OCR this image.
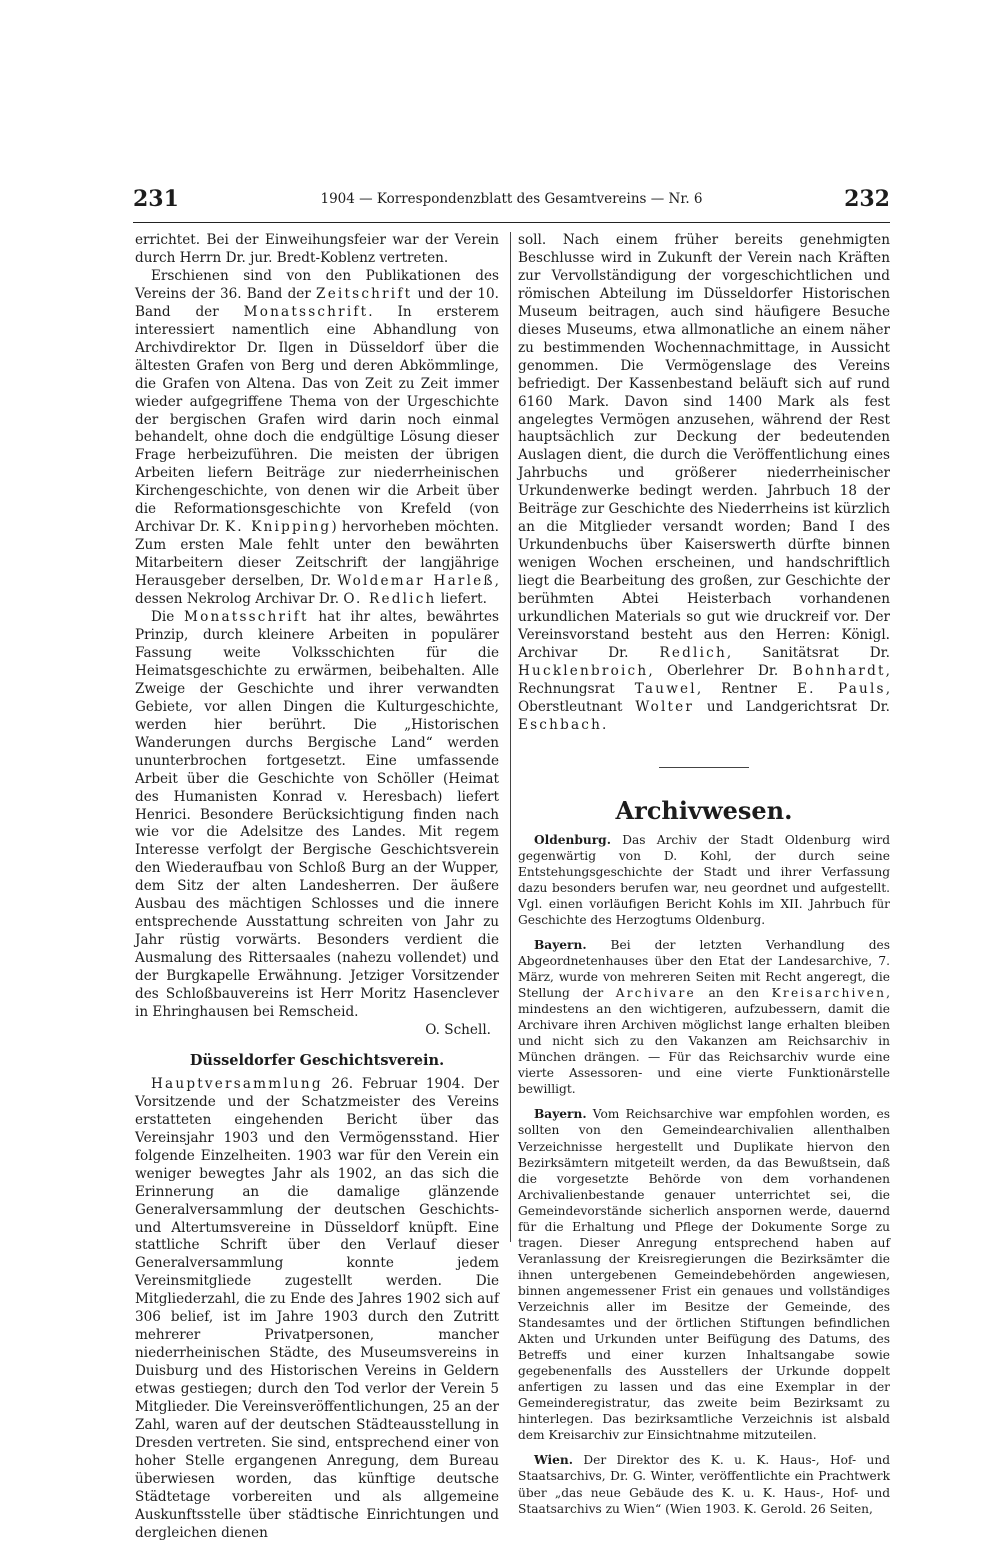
231	1904 — Korrespondenzblatt des Gesamtvereins — Nr. 6	232

errichtet. Bei der Einweihungsfeier war der Verein durch Herrn Dr. jur. Bredt-Koblenz vertreten.

Erschienen sind von den Publikationen des Vereins der 36. Band der Zeitschrift und der 10. Band der Monatsschrift. In ersterem interessiert namentlich eine Abhandlung von Archivdirektor Dr. Ilgen in Düsseldorf über die ältesten Grafen von Berg und deren Abkömmlinge, die Grafen von Altena. Das von Zeit zu Zeit immer wieder aufgegriffene Thema von der Urgeschichte der bergischen Grafen wird darin noch einmal behandelt, ohne doch die endgültige Lösung dieser Frage herbeizuführen. Die meisten der übrigen Arbeiten liefern Beiträge zur niederrheinischen Kirchengeschichte, von denen wir die Arbeit über die Reformationsgeschichte von Krefeld (von Archivar Dr. K. Knipping) hervorheben möchten. Zum ersten Male fehlt unter den bewährten Mitarbeitern dieser Zeitschrift der langjährige Herausgeber derselben, Dr. Woldemar Harleß, dessen Nekrolog Archivar Dr. O. Redlich liefert.

Die Monatsschrift hat ihr altes, bewährtes Prinzip, durch kleinere Arbeiten in populärer Fassung weite Volksschichten für die Heimatsgeschichte zu erwärmen, beibehalten. Alle Zweige der Geschichte und ihrer verwandten Gebiete, vor allen Dingen die Kulturgeschichte, werden hier berührt. Die „Historischen Wanderungen durchs Bergische Land“ werden ununterbrochen fortgesetzt. Eine umfassende Arbeit über die Geschichte von Schöller (Heimat des Humanisten Konrad v. Heresbach) liefert Henrici. Besondere Berücksichtigung finden nach wie vor die Adelsitze des Landes. Mit regem Interesse verfolgt der Bergische Geschichtsverein den Wiederaufbau von Schloß Burg an der Wupper, dem Sitz der alten Landesherren. Der äußere Ausbau des mächtigen Schlosses und die innere entsprechende Ausstattung schreiten von Jahr zu Jahr rüstig vorwärts. Besonders verdient die Ausmalung des Rittersaales (nahezu vollendet) und der Burgkapelle Erwähnung. Jetziger Vorsitzender des Schloßbauvereins ist Herr Moritz Hasenclever in Ehringhausen bei Remscheid.

O. Schell.

Düsseldorfer Geschichtsverein.

Hauptversammlung 26. Februar 1904. Der Vorsitzende und der Schatzmeister des Vereins erstatteten eingehenden Bericht über das Vereinsjahr 1903 und den Vermögensstand. Hier folgende Einzelheiten. 1903 war für den Verein ein weniger bewegtes Jahr als 1902, an das sich die Erinnerung an die damalige glänzende Generalversammlung der deutschen Geschichts- und Altertumsvereine in Düsseldorf knüpft. Eine stattliche Schrift über den Verlauf dieser Generalversammlung konnte jedem Vereinsmitgliede zugestellt werden. Die Mitgliederzahl, die zu Ende des Jahres 1902 sich auf 306 belief, ist im Jahre 1903 durch den Zutritt mehrerer Privatpersonen, mancher niederrheinischen Städte, des Museumsvereins in Duisburg und des Historischen Vereins in Geldern etwas gestiegen; durch den Tod verlor der Verein 5 Mitglieder. Die Vereinsveröffentlichungen, 25 an der Zahl, waren auf der deutschen Städteausstellung in Dresden vertreten. Sie sind, entsprechend einer von hoher Stelle ergangenen Anregung, dem Bureau überwiesen worden, das künftige deutsche Städtetage vorbereiten und als allgemeine Auskunftsstelle über städtische Einrichtungen und dergleichen dienen

soll. Nach einem früher bereits genehmigten Beschlusse wird in Zukunft der Verein nach Kräften zur Vervollständigung der vorgeschichtlichen und römischen Abteilung im Düsseldorfer Historischen Museum beitragen, auch sind häufigere Besuche dieses Museums, etwa allmonatliche an einem näher zu bestimmenden Wochennachmittage, in Aussicht genommen. Die Vermögenslage des Vereins befriedigt. Der Kassenbestand beläuft sich auf rund 6160 Mark. Davon sind 1400 Mark als fest angelegtes Vermögen anzusehen, während der Rest hauptsächlich zur Deckung der bedeutenden Auslagen dient, die durch die Veröffentlichung eines Jahrbuchs und größerer niederrheinischer Urkundenwerke bedingt werden. Jahrbuch 18 der Beiträge zur Geschichte des Niederrheins ist kürzlich an die Mitglieder versandt worden; Band I des Urkundenbuchs über Kaiserswerth dürfte binnen wenigen Wochen erscheinen, und handschriftlich liegt die Bearbeitung des großen, zur Geschichte der berühmten Abtei Heisterbach vorhandenen urkundlichen Materials so gut wie druckreif vor. Der Vereinsvorstand besteht aus den Herren: Königl. Archivar Dr. Redlich, Sanitätsrat Dr. Hucklenbroich, Oberlehrer Dr. Bohnhardt, Rechnungsrat Tauwel, Rentner E. Pauls, Oberstleutnant Wolter und Landgerichtsrat Dr. Eschbach.
Archivwesen.

Oldenburg. Das Archiv der Stadt Oldenburg wird gegenwärtig von D. Kohl, der durch seine Entstehungsgeschichte der Stadt und ihrer Verfassung dazu besonders berufen war, neu geordnet und aufgestellt. Vgl. einen vorläufigen Bericht Kohls im XII. Jahrbuch für Geschichte des Herzogtums Oldenburg.

Bayern. Bei der letzten Verhandlung des Abgeordnetenhauses über den Etat der Landesarchive, 7. März, wurde von mehreren Seiten mit Recht angeregt, die Stellung der Archivare an den Kreisarchiven, mindestens an den wichtigeren, aufzubessern, damit die Archivare ihren Archiven möglichst lange erhalten bleiben und nicht sich zu den Vakanzen am Reichsarchiv in München drängen. — Für das Reichsarchiv wurde eine vierte Assessoren- und eine vierte Funktionärstelle bewilligt.

Bayern. Vom Reichsarchive war empfohlen worden, es sollten von den Gemeindearchivalien allenthalben Verzeichnisse hergestellt und Duplikate hiervon den Bezirksämtern mitgeteilt werden, da das Bewußtsein, daß die vorgesetzte Behörde von dem vorhandenen Archivalienbestande genauer unterrichtet sei, die Gemeindevorstände sicherlich anspornen werde, dauernd für die Erhaltung und Pflege der Dokumente Sorge zu tragen. Dieser Anregung entsprechend haben auf Veranlassung der Kreisregierungen die Bezirksämter die ihnen untergebenen Gemeindebehörden angewiesen, binnen angemessener Frist ein genaues und vollständiges Verzeichnis aller im Besitze der Gemeinde, des Standesamtes und der örtlichen Stiftungen befindlichen Akten und Urkunden unter Beifügung des Datums, des Betreffs und einer kurzen Inhaltsangabe sowie gegebenenfalls des Ausstellers der Urkunde doppelt anfertigen zu lassen und das eine Exemplar in der Gemeinderegistratur, das zweite beim Bezirksamt zu hinterlegen. Das bezirksamtliche Verzeichnis ist alsbald dem Kreisarchiv zur Einsichtnahme mitzuteilen.

Wien. Der Direktor des K. u. K. Haus-, Hof- und Staatsarchivs, Dr. G. Winter, veröffentlichte ein Prachtwerk über „das neue Gebäude des K. u. K. Haus-, Hof- und Staatsarchivs zu Wien“ (Wien 1903. K. Gerold. 26 Seiten,
